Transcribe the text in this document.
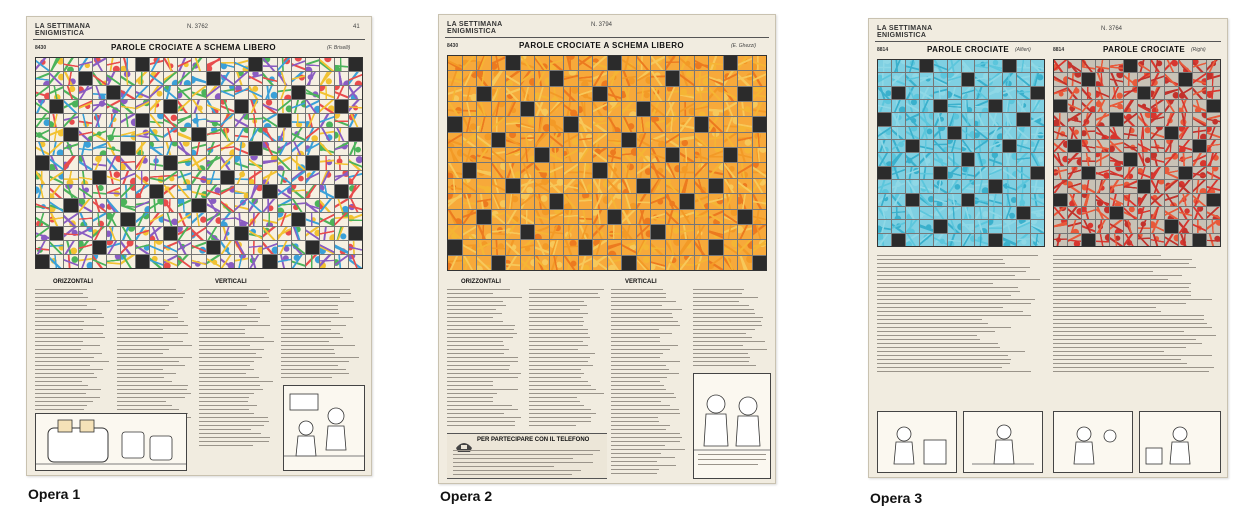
LA SETTIMANA ENIGMISTICA
N. 3762	41
8430	PAROLE CROCIATE A SCHEMA LIBERO	(F. Briselli)
ORIZZONTALI	VERTICALI
Opera 1
LA SETTIMANA ENIGMISTICA
N. 3794
8430	PAROLE CROCIATE A SCHEMA LIBERO	(E. Ghezzi)
ORIZZONTALI	VERTICALI
PER PARTECIPARE CON IL TELEFONO
Opera 2
LA SETTIMANA ENIGMISTICA
N. 3764
8814	PAROLE CROCIATE (Alfieri)	8814	PAROLE CROCIATE (Righi)
Opera 3
